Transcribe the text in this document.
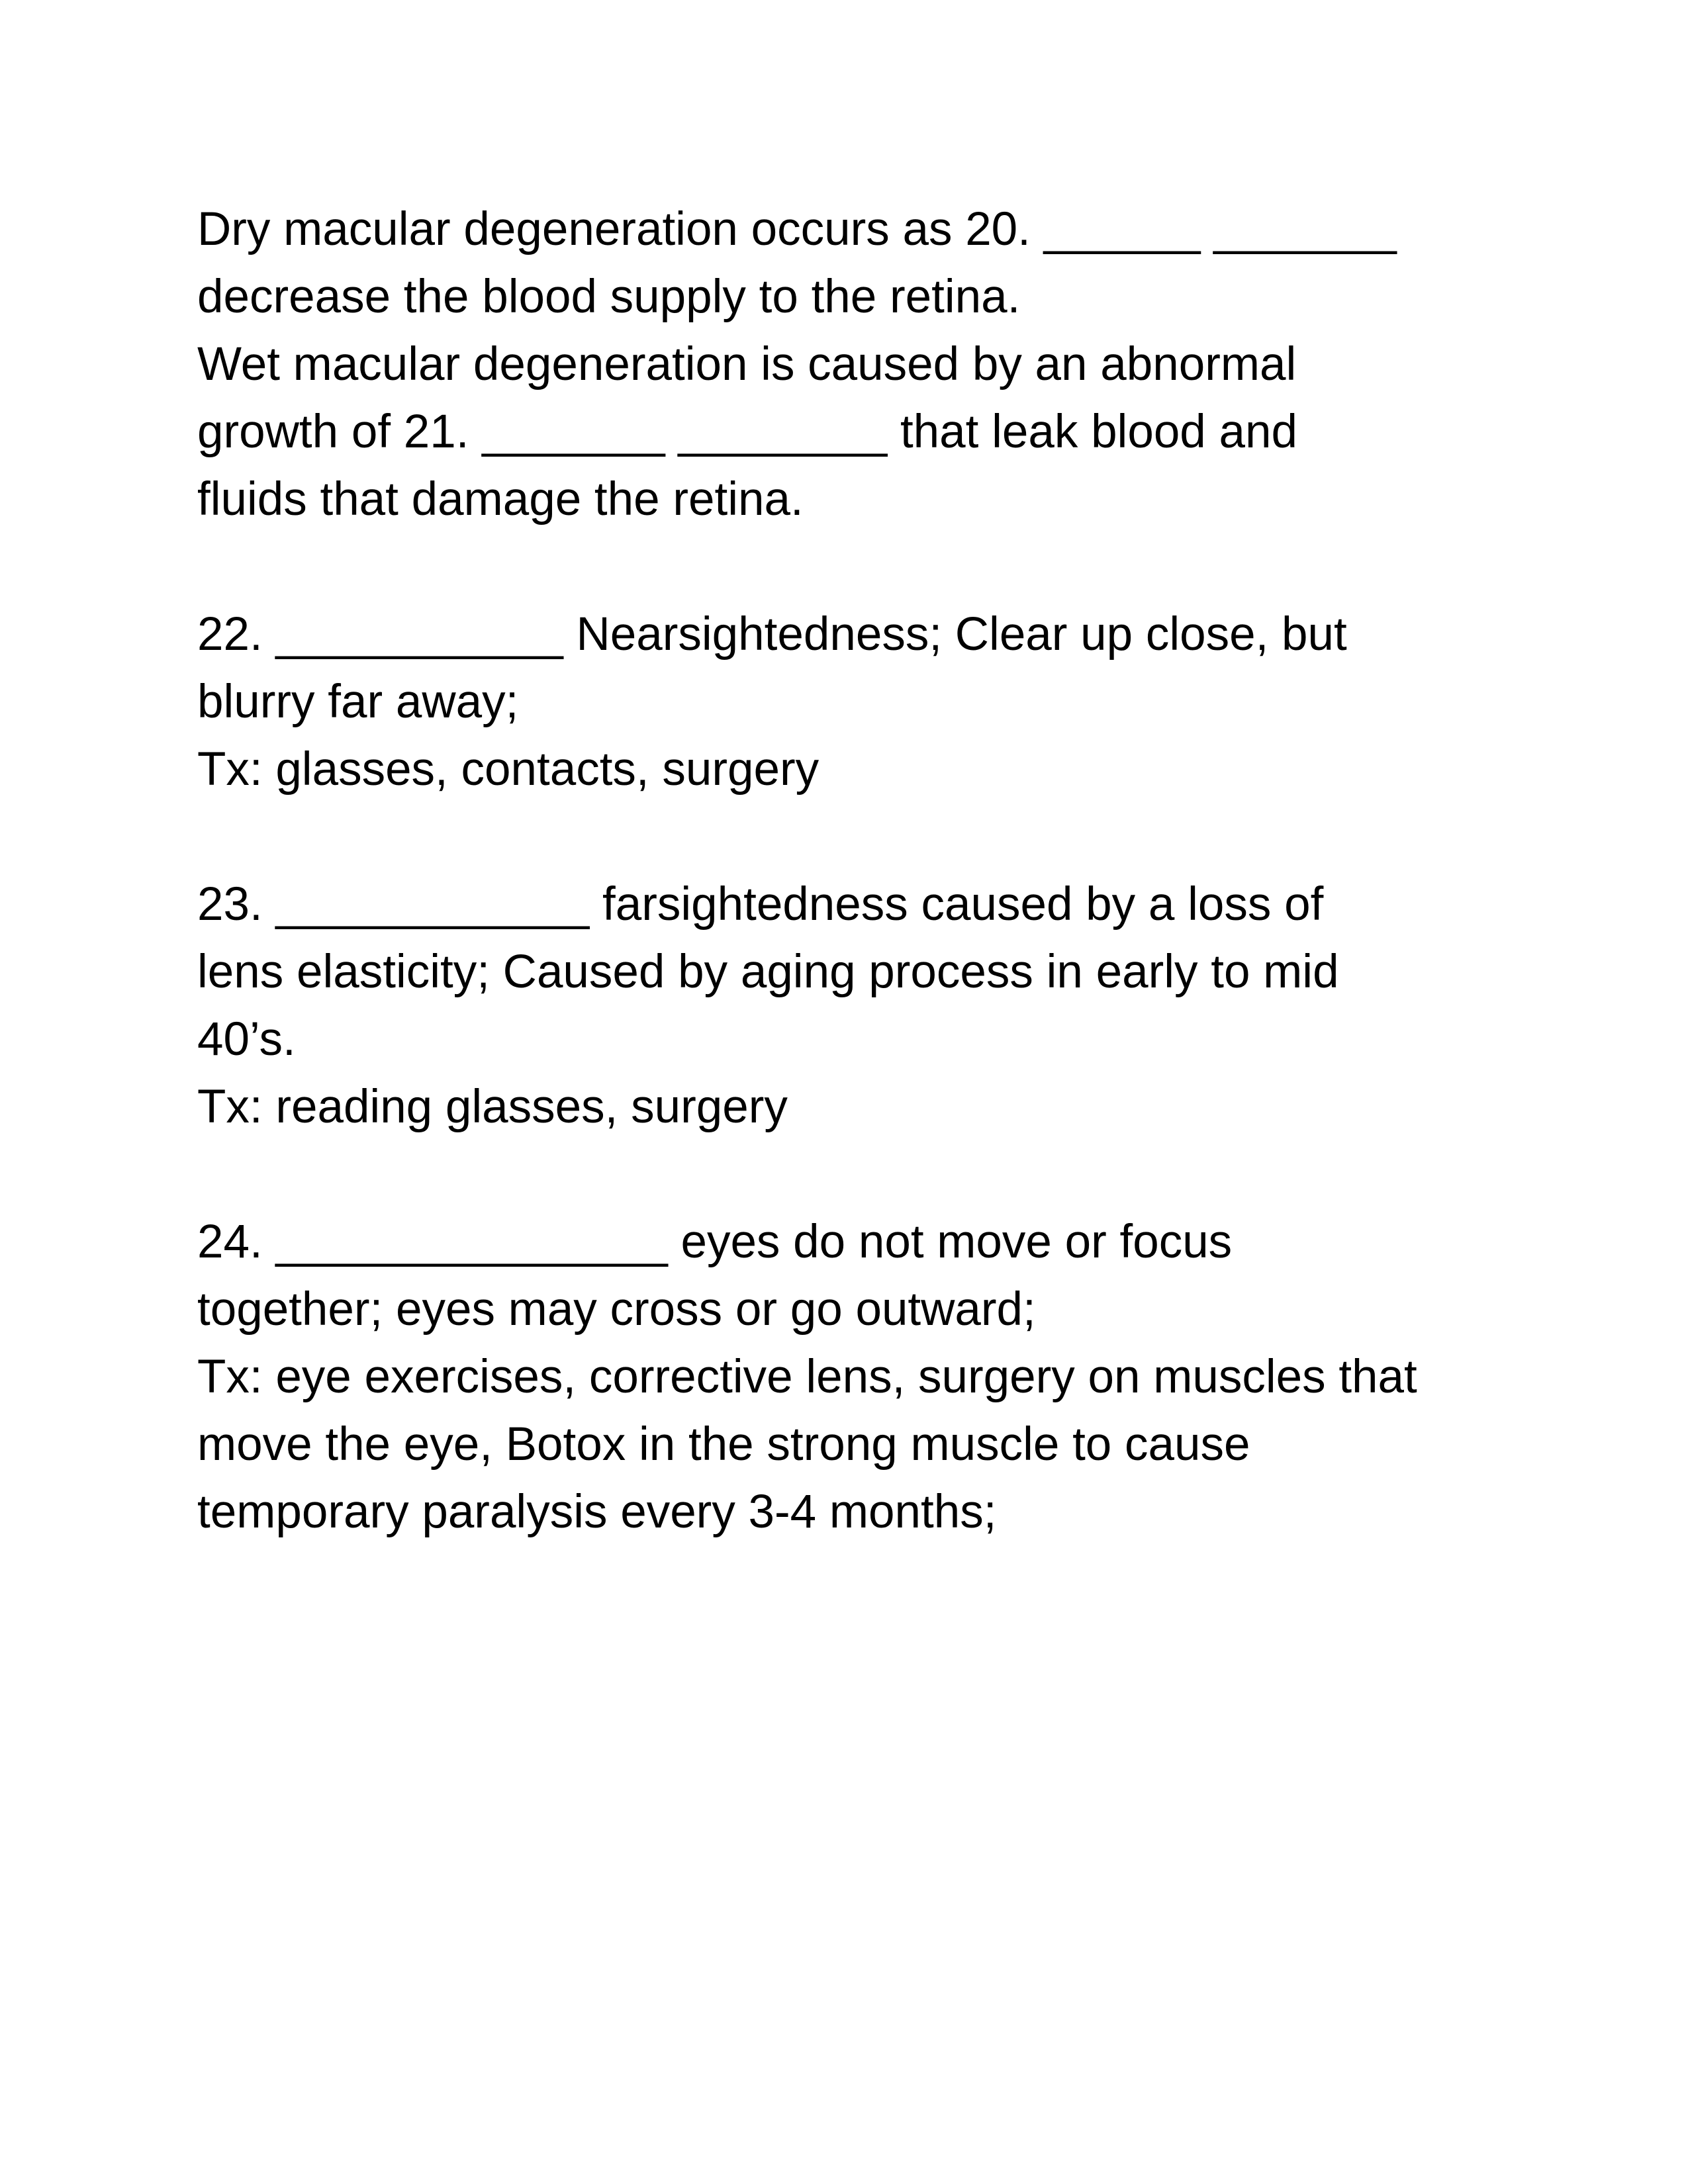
Dry macular degeneration occurs as 20. ______ _______
decrease the blood supply to the retina.
Wet macular degeneration is caused by an abnormal
growth of 21. _______ ________ that leak blood and
fluids that damage the retina.
22. ___________ Nearsightedness; Clear up close, but
blurry far away;
Tx: glasses, contacts, surgery
23. ____________ farsightedness caused by a loss of
lens elasticity; Caused by aging process in early to mid
40’s.
Tx: reading glasses, surgery
24. _______________ eyes do not move or focus
together; eyes may cross or go outward;
Tx: eye exercises, corrective lens, surgery on muscles that
move the eye, Botox in the strong muscle to cause
temporary paralysis every 3-4 months;
